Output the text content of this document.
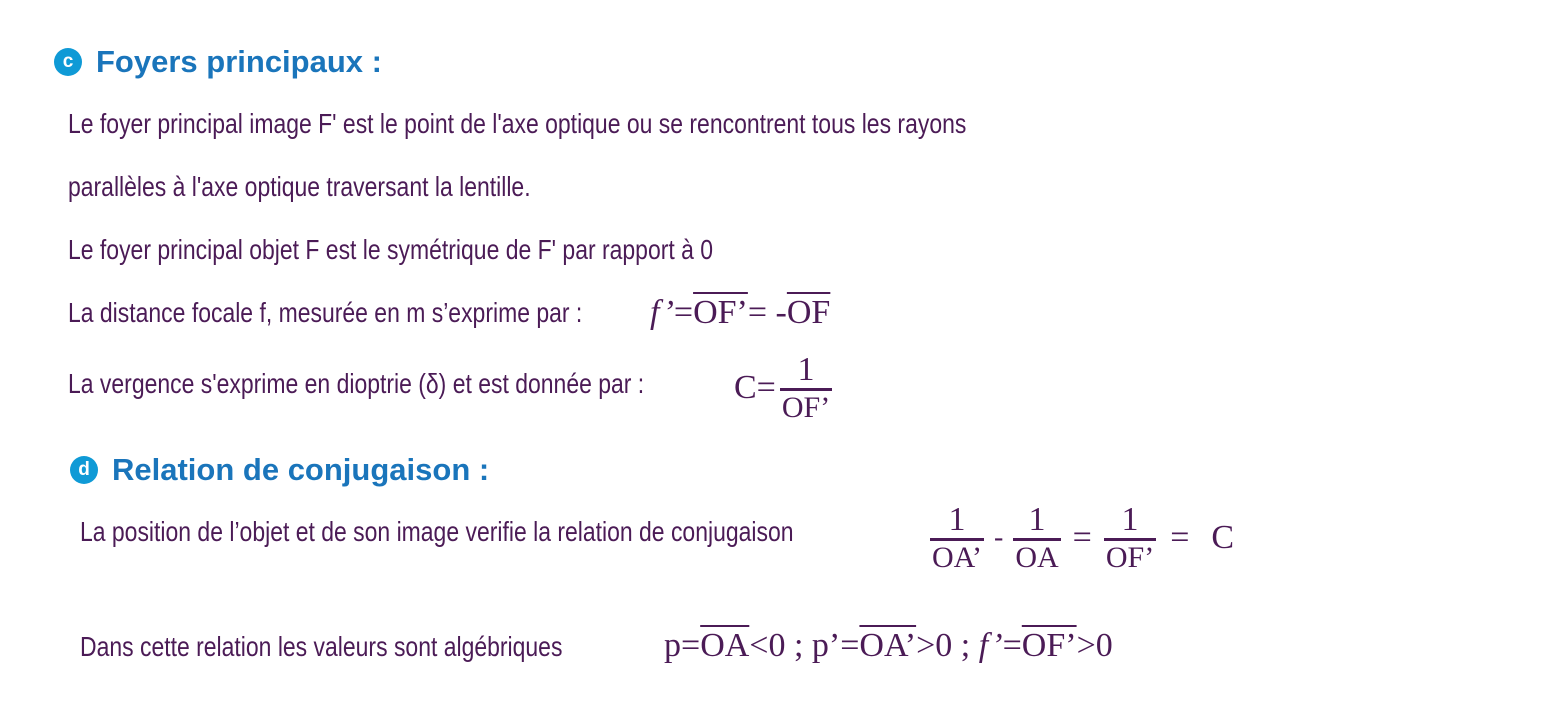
c Foyers principaux :
Le foyer principal image F' est le point de l'axe optique ou se rencontrent tous les rayons
parallèles à l'axe optique traversant la lentille.
Le foyer principal objet F est le symétrique de F' par rapport à 0
La distance focale f, mesurée en m s’exprime par : f’ = OF’ = - $\overline{OF}$
La vergence s'exprime en dioptrie (δ) et est donnée par :	$C= \frac{1}{OF’}$
d Relation de conjugaison :
La position de l’objet et de son image verifie la relation de conjugaison	$\frac{1}{OA’} - \frac{1}{OA} = \frac{1}{OF’} = C$
Dans cette relation les valeurs sont algébriques	$p= \overline{OA} <0$ ; p’= OA’ >0 ; f’ = OF’ >0
